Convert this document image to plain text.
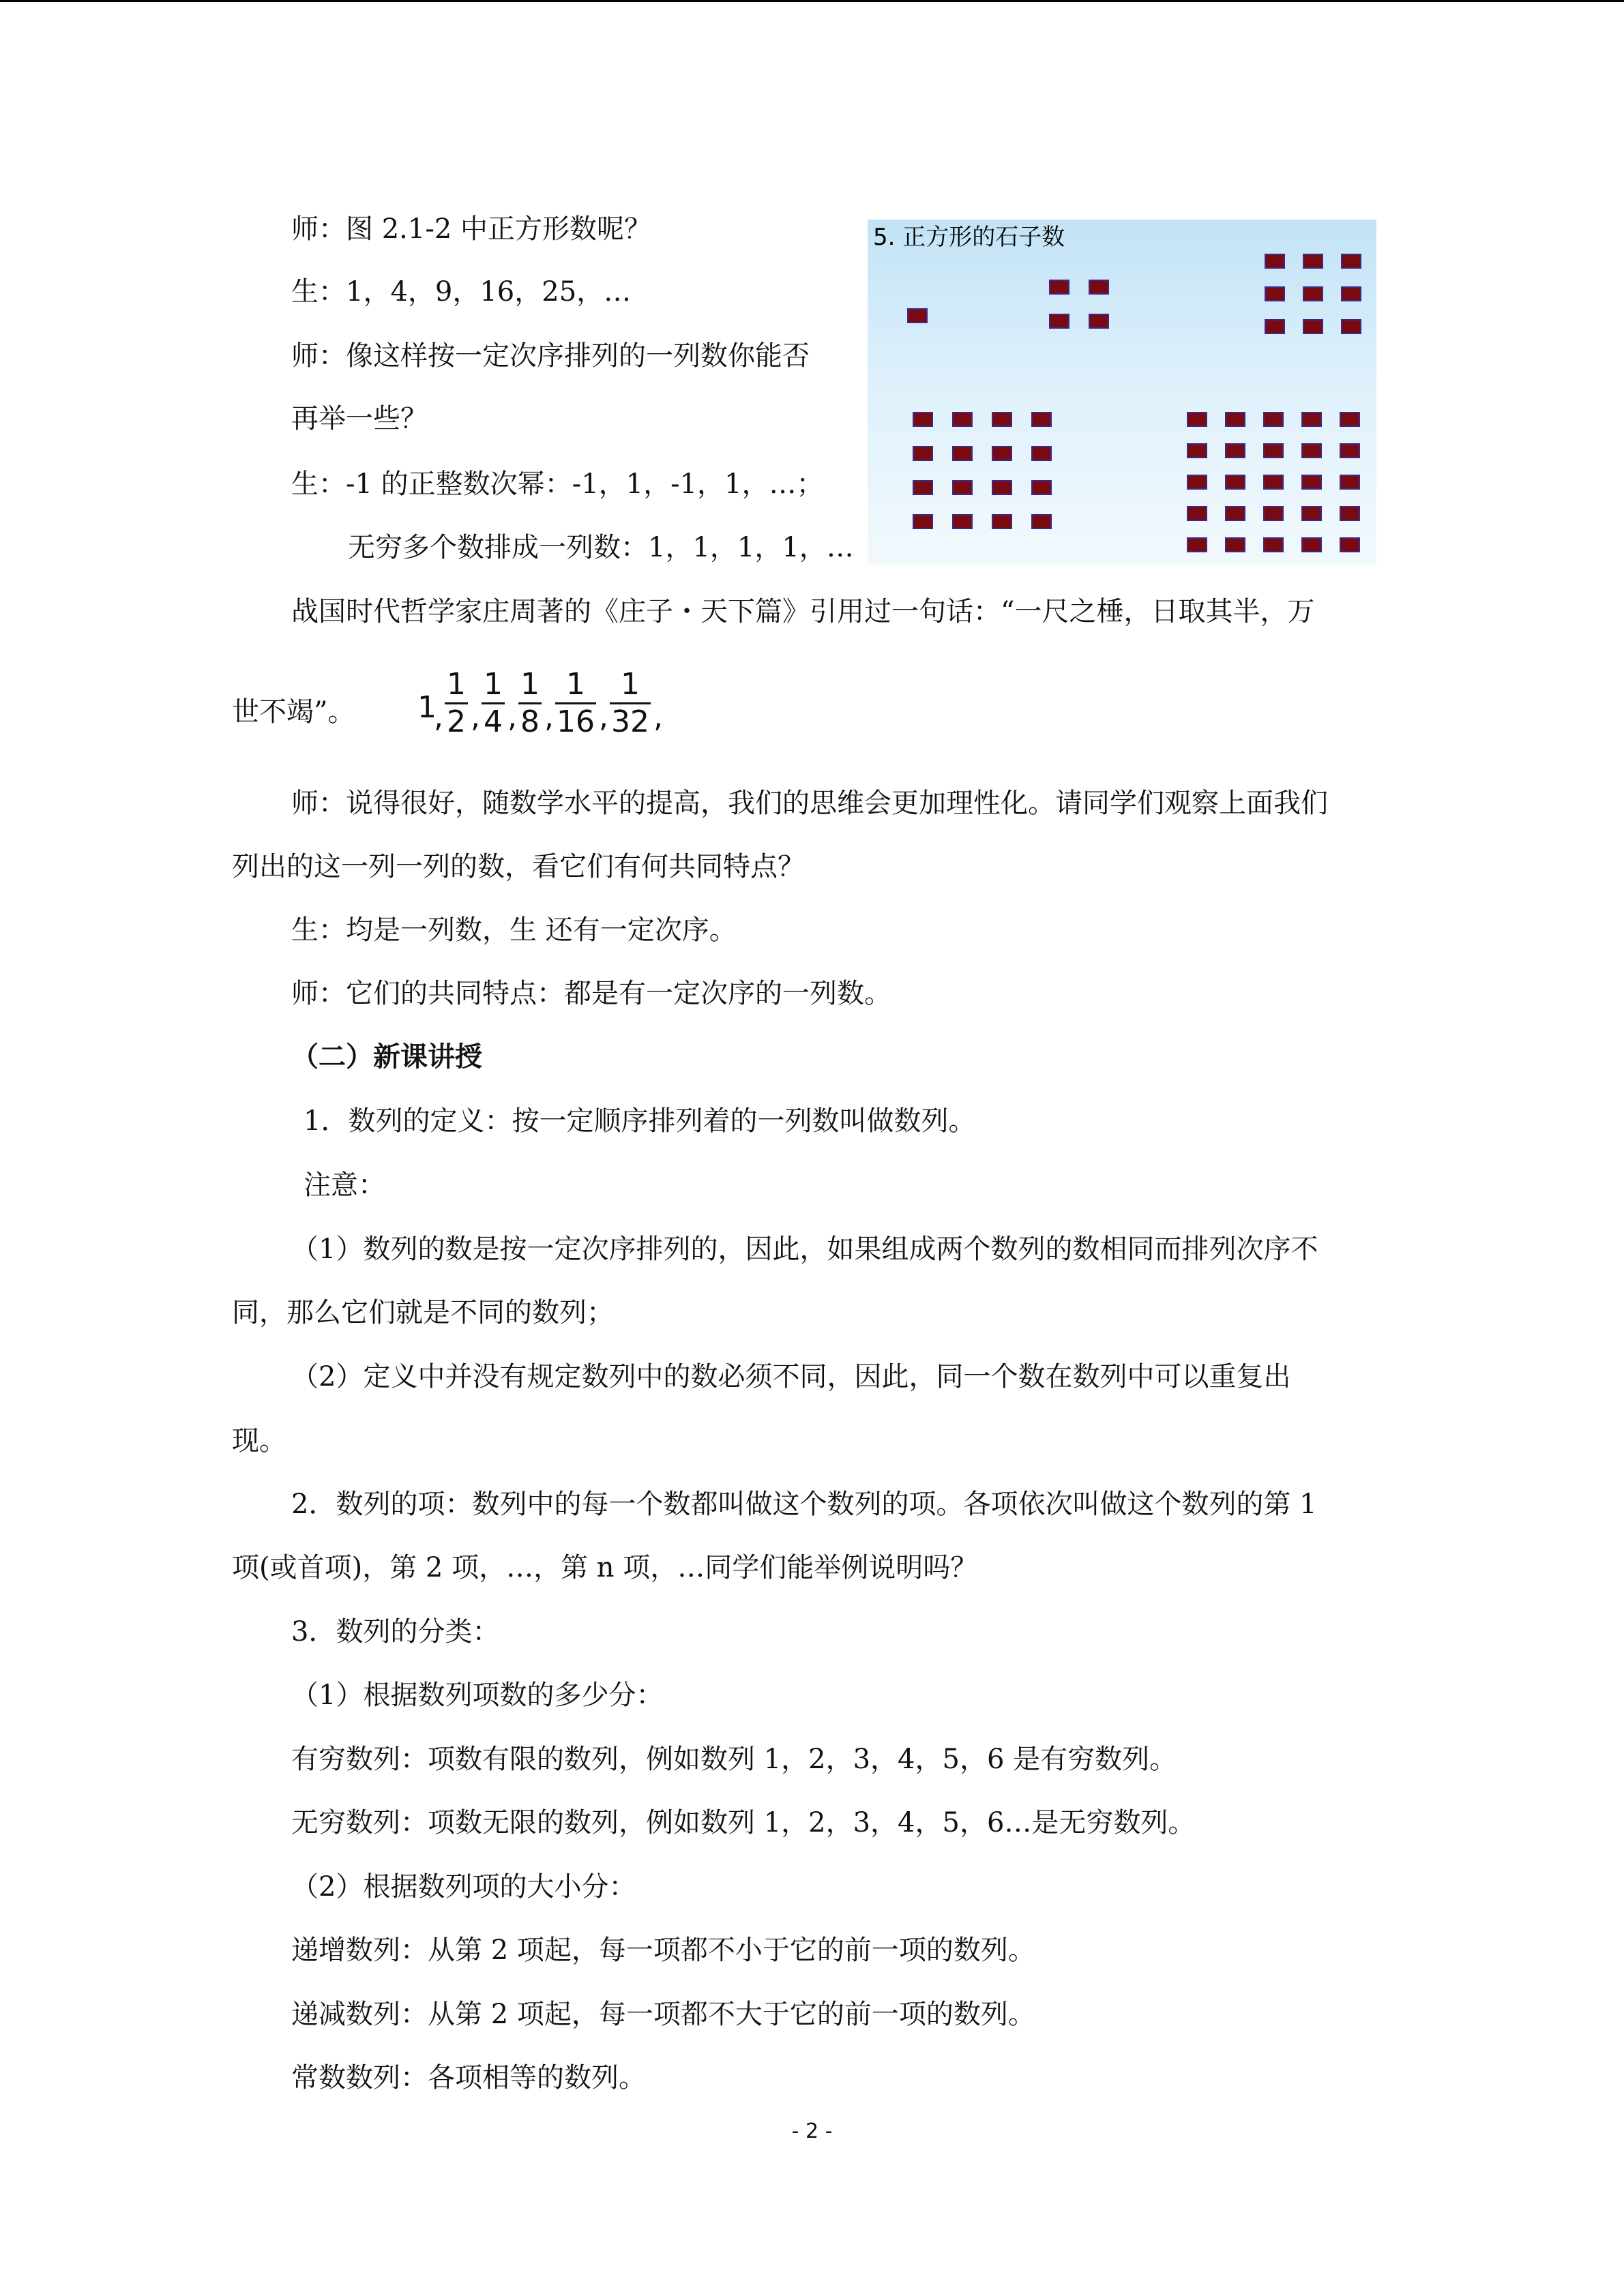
师：图 2.1-2 中正方形数呢？
生：1，4，9，16，25，…
师：像这样按一定次序排列的一列数你能否
再举一些？
生：-1 的正整数次幂：-1，1，-1，1，…；
无穷多个数排成一列数：1，1，1，1，…
战国时代哲学家庄周著的《庄子・天下篇》引用过一句话：“一尺之棰，日取其半，万
世不竭”。 1
,
1
2 ,
1
4 ,
1
8 ,
1
16 ,
1
32 ,
师：说得很好，随数学水平的提高，我们的思维会更加理性化。请同学们观察上面我们
列出的这一列一列的数，看它们有何共同特点？
生：均是一列数，生 还有一定次序。
师：它们的共同特点：都是有一定次序的一列数。
（二）新课讲授
1．数列的定义：按一定顺序排列着的一列数叫做数列。
注意：
（1）数列的数是按一定次序排列的，因此，如果组成两个数列的数相同而排列次序不
同，那么它们就是不同的数列；
（2）定义中并没有规定数列中的数必须不同，因此，同一个数在数列中可以重复出
现。
2．数列的项：数列中的每一个数都叫做这个数列的项。各项依次叫做这个数列的第 1
项(或首项)，第 2 项，…，第 n 项，…同学们能举例说明吗？
3．数列的分类：
（1）根据数列项数的多少分：
有穷数列：项数有限的数列，例如数列 1，2，3，4，5，6 是有穷数列。
无穷数列：项数无限的数列，例如数列 1，2，3，4，5，6…是无穷数列。
（2）根据数列项的大小分：
递增数列：从第 2 项起，每一项都不小于它的前一项的数列。
递减数列：从第 2 项起，每一项都不大于它的前一项的数列。
常数数列：各项相等的数列。
5. 正方形的石子数
- 2 -
